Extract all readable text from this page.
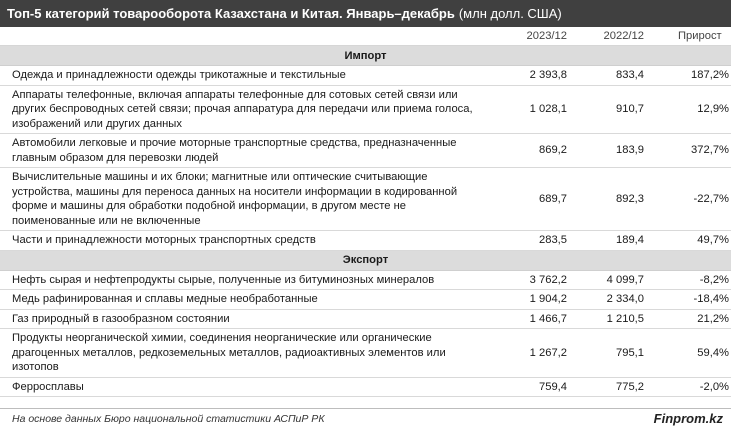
Топ-5 категорий товарооборота Казахстана и Китая. Январь–декабрь (млн долл. США)
	2023/12	2022/12	Прирост
Импорт			
Одежда и принадлежности одежды трикотажные и текстильные	2 393,8	833,4	187,2%
Аппараты телефонные, включая аппараты телефонные для сотовых сетей связи или других беспроводных сетей связи; прочая аппаратура для передачи или приема голоса, изображений или других данных	1 028,1	910,7	12,9%
Автомобили легковые и прочие моторные транспортные средства, предназначенные главным образом для перевозки людей	869,2	183,9	372,7%
Вычислительные машины и их блоки; магнитные или оптические считывающие устройства, машины для переноса данных на носители информации в кодированной форме и машины для обработки подобной информации, в другом месте не поименованные или не включенные	689,7	892,3	-22,7%
Части и принадлежности моторных транспортных средств	283,5	189,4	49,7%
Экспорт			
Нефть сырая и нефтепродукты сырые, полученные из битуминозных минералов	3 762,2	4 099,7	-8,2%
Медь рафинированная и сплавы медные необработанные	1 904,2	2 334,0	-18,4%
Газ природный в газообразном состоянии	1 466,7	1 210,5	21,2%
Продукты неорганической химии, соединения неорганические или органические драгоценных металлов, редкоземельных металлов, радиоактивных элементов или изотопов	1 267,2	795,1	59,4%
Ферросплавы	759,4	775,2	-2,0%
На основе данных Бюро национальной статистики АСПиР РК	Finprom.kz
